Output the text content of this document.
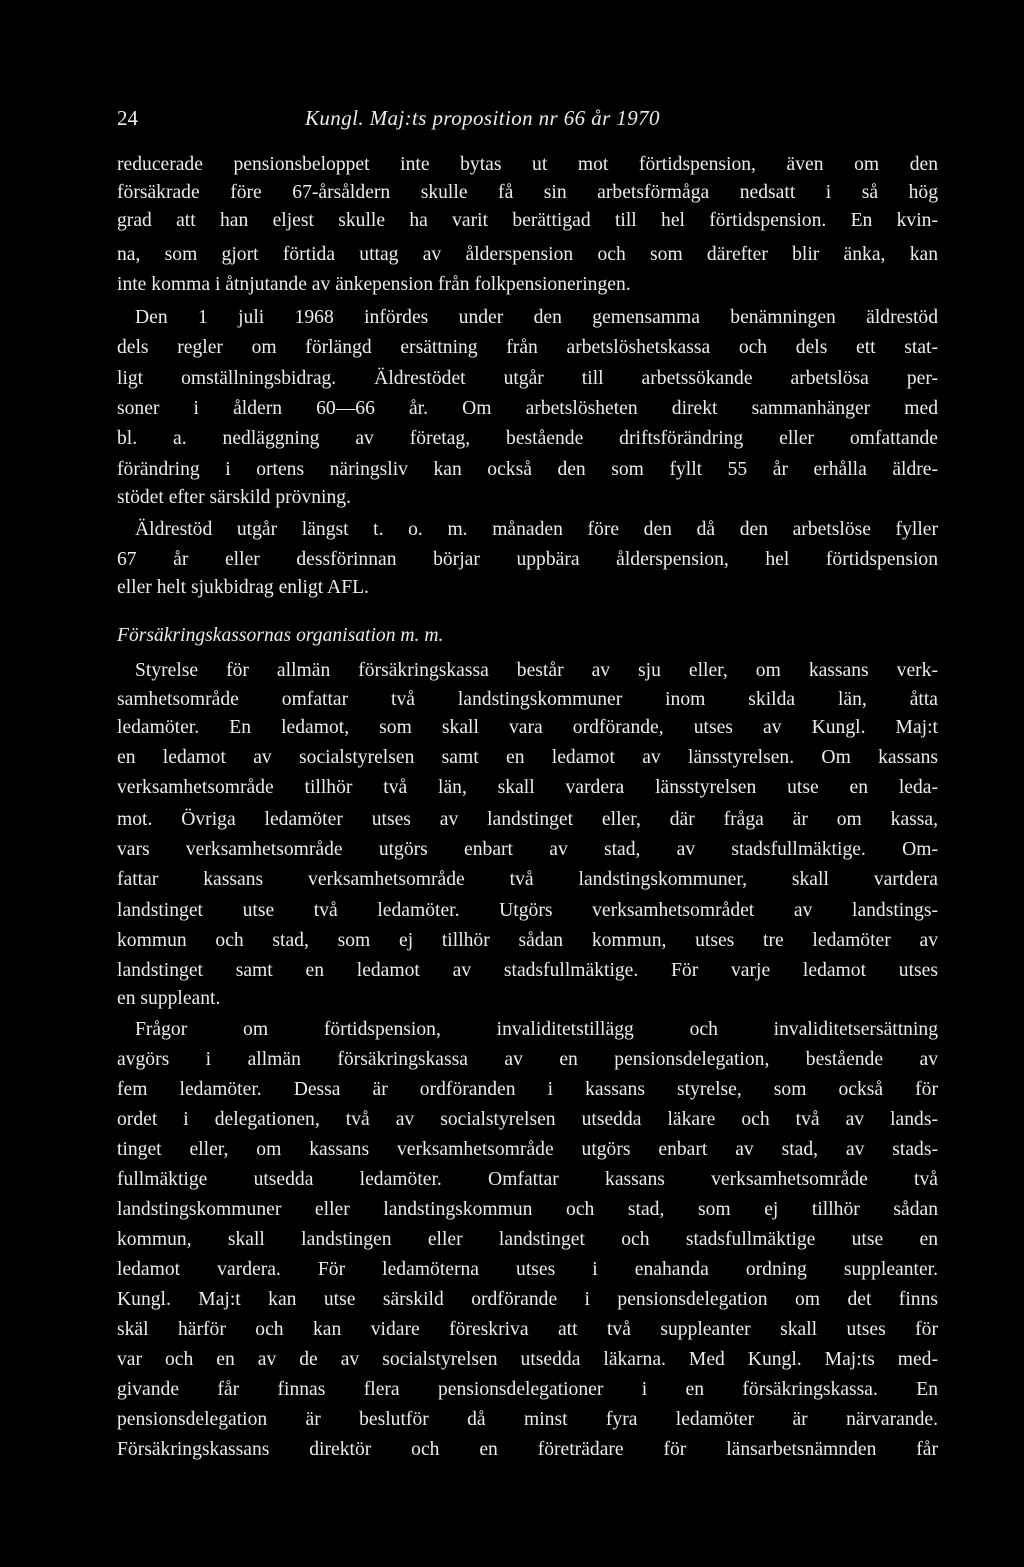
24	Kungl. Maj:ts proposition nr 66 år 1970
reducerade pensionsbeloppet inte bytas ut mot förtidspension, även om den
försäkrade före 67-årsåldern skulle få sin arbetsförmåga nedsatt i så hög
grad att han eljest skulle ha varit berättigad till hel förtidspension. En kvin-
na, som gjort förtida uttag av ålderspension och som därefter blir änka, kan
inte komma i åtnjutande av änkepension från folkpensioneringen.
Den 1 juli 1968 infördes under den gemensamma benämningen äldrestöd
dels regler om förlängd ersättning från arbetslöshetskassa och dels ett stat-
ligt omställningsbidrag. Äldrestödet utgår till arbetssökande arbetslösa per-
soner i åldern 60—66 år. Om arbetslösheten direkt sammanhänger med
bl. a. nedläggning av företag, bestående driftsförändring eller omfattande
förändring i ortens näringsliv kan också den som fyllt 55 år erhålla äldre-
stödet efter särskild prövning.
Äldrestöd utgår längst t. o. m. månaden före den då den arbetslöse fyller
67 år eller dessförinnan börjar uppbära ålderspension, hel förtidspension
eller helt sjukbidrag enligt AFL.
Försäkringskassornas organisation m. m.
Styrelse för allmän försäkringskassa består av sju eller, om kassans verk-
samhetsområde omfattar två landstingskommuner inom skilda län, åtta
ledamöter. En ledamot, som skall vara ordförande, utses av Kungl. Maj:t
en ledamot av socialstyrelsen samt en ledamot av länsstyrelsen. Om kassans
verksamhetsområde tillhör två län, skall vardera länsstyrelsen utse en leda-
mot. Övriga ledamöter utses av landstinget eller, där fråga är om kassa,
vars verksamhetsområde utgörs enbart av stad, av stadsfullmäktige. Om-
fattar kassans verksamhetsområde två landstingskommuner, skall vartdera
landstinget utse två ledamöter. Utgörs verksamhetsområdet av landstings-
kommun och stad, som ej tillhör sådan kommun, utses tre ledamöter av
landstinget samt en ledamot av stadsfullmäktige. För varje ledamot utses
en suppleant.
Frågor om förtidspension, invaliditetstillägg och invaliditetsersättning
avgörs i allmän försäkringskassa av en pensionsdelegation, bestående av
fem ledamöter. Dessa är ordföranden i kassans styrelse, som också för
ordet i delegationen, två av socialstyrelsen utsedda läkare och två av lands-
tinget eller, om kassans verksamhetsområde utgörs enbart av stad, av stads-
fullmäktige utsedda ledamöter. Omfattar kassans verksamhetsområde två
landstingskommuner eller landstingskommun och stad, som ej tillhör sådan
kommun, skall landstingen eller landstinget och stadsfullmäktige utse en
ledamot vardera. För ledamöterna utses i enahanda ordning suppleanter.
Kungl. Maj:t kan utse särskild ordförande i pensionsdelegation om det finns
skäl härför och kan vidare föreskriva att två suppleanter skall utses för
var och en av de av socialstyrelsen utsedda läkarna. Med Kungl. Maj:ts med-
givande får finnas flera pensionsdelegationer i en försäkringskassa. En
pensionsdelegation är beslutför då minst fyra ledamöter är närvarande.
Försäkringskassans direktör och en företrädare för länsarbetsnämnden får
